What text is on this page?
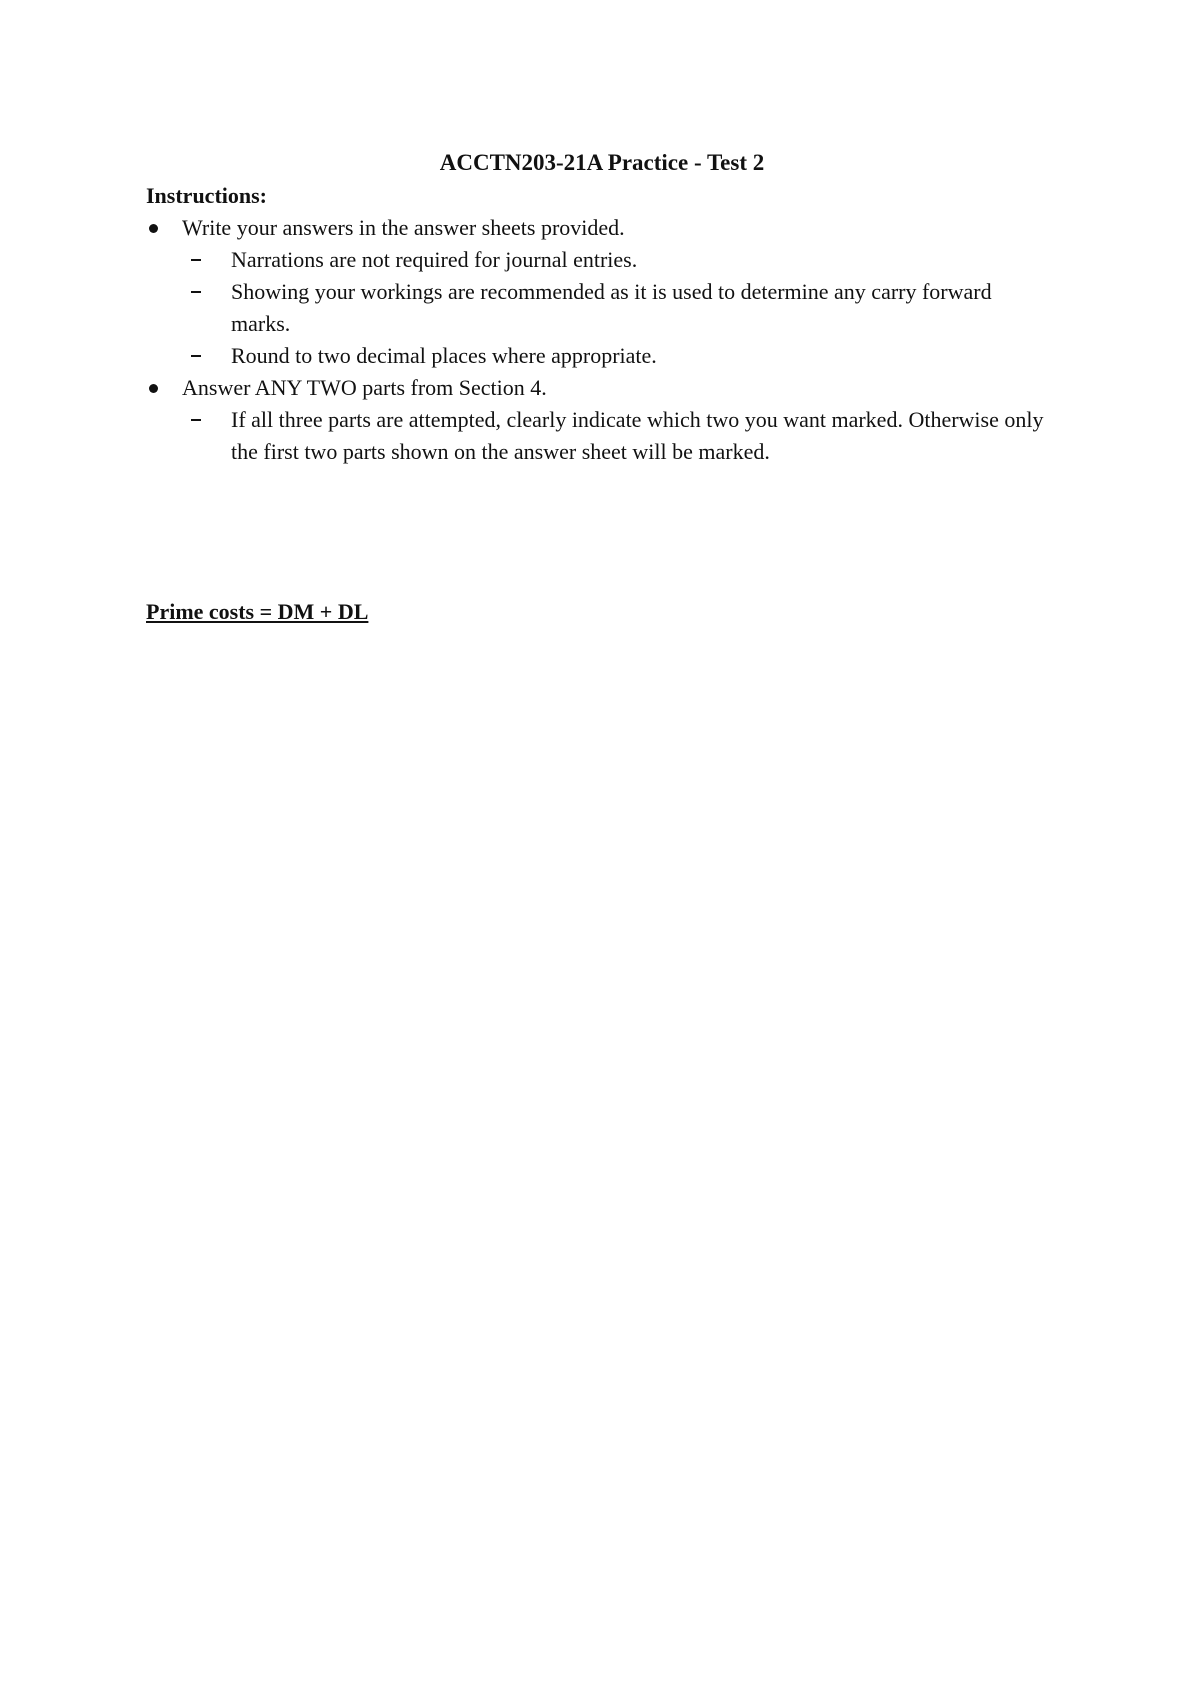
ACCTN203-21A Practice - Test 2

Instructions:

Write your answers in the answer sheets provided.
Narrations are not required for journal entries.
Showing your workings are recommended as it is used to determine any carry forward marks.
Round to two decimal places where appropriate.
Answer ANY TWO parts from Section 4.
If all three parts are attempted, clearly indicate which two you want marked. Otherwise only the first two parts shown on the answer sheet will be marked.

Prime costs = DM + DL
